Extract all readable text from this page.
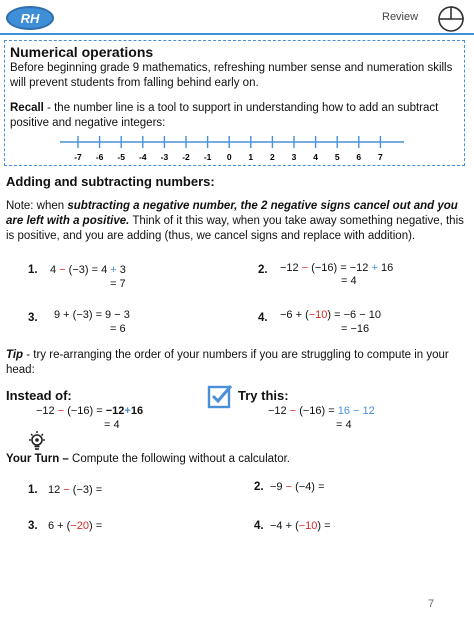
RH	Review
Numerical operations
Before beginning grade 9 mathematics, refreshing number sense and numeration skills will prevent students from falling behind early on.
Recall - the number line is a tool to support in understanding how to add an subtract positive and negative integers:
-7 -6 -5 -4 -3 -2 -1 0 1 2 3 4 5 6 7
Adding and subtracting numbers:
Note: when subtracting a negative number, the 2 negative signs cancel out and you are left with a positive. Think of it this way, when you take away something negative, this is positive, and you are adding (thus, we cancel signs and replace with addition).
1. 4 − (−3) = 4 + 3
= 7
2. −12 − (−16) = −12 + 16
= 4
3. 9 + (−3) = 9 − 3
= 6
4. −6 + (−10) = −6 − 10
= −16
Tip - try re-arranging the order of your numbers if you are struggling to compute in your head:
Instead of:
−12 − (−16) = −12+16
= 4
Try this:
−12 − (−16) = 16 − 12
= 4
Your Turn – Compute the following without a calculator.
1. 12 − (−3) =	2. −9 − (−4) =
3. 6 + (−20) =	4. −4 + (−10) =
7
